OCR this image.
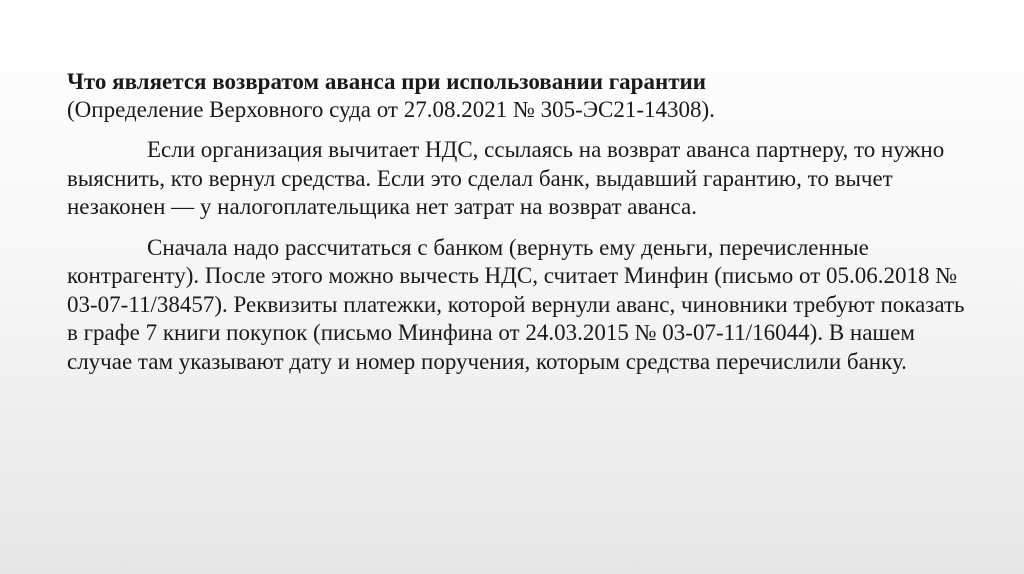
Что является возвратом аванса при использовании гарантии
(Определение Верховного суда от 27.08.2021 № 305-ЭС21-14308).

Если организация вычитает НДС, ссылаясь на возврат аванса партнеру, то нужно выяснить, кто вернул средства. Если это сделал банк, выдавший гарантию, то вычет незаконен — у налогоплательщика нет затрат на возврат аванса.

Сначала надо рассчитаться с банком (вернуть ему деньги, перечисленные контрагенту). После этого можно вычесть НДС, считает Минфин (письмо от 05.06.2018 № 03-07-11/38457). Реквизиты платежки, которой вернули аванс, чиновники требуют показать в графе 7 книги покупок (письмо Минфина от 24.03.2015 № 03-07-11/16044). В нашем случае там указывают дату и номер поручения, которым средства перечислили банку.
